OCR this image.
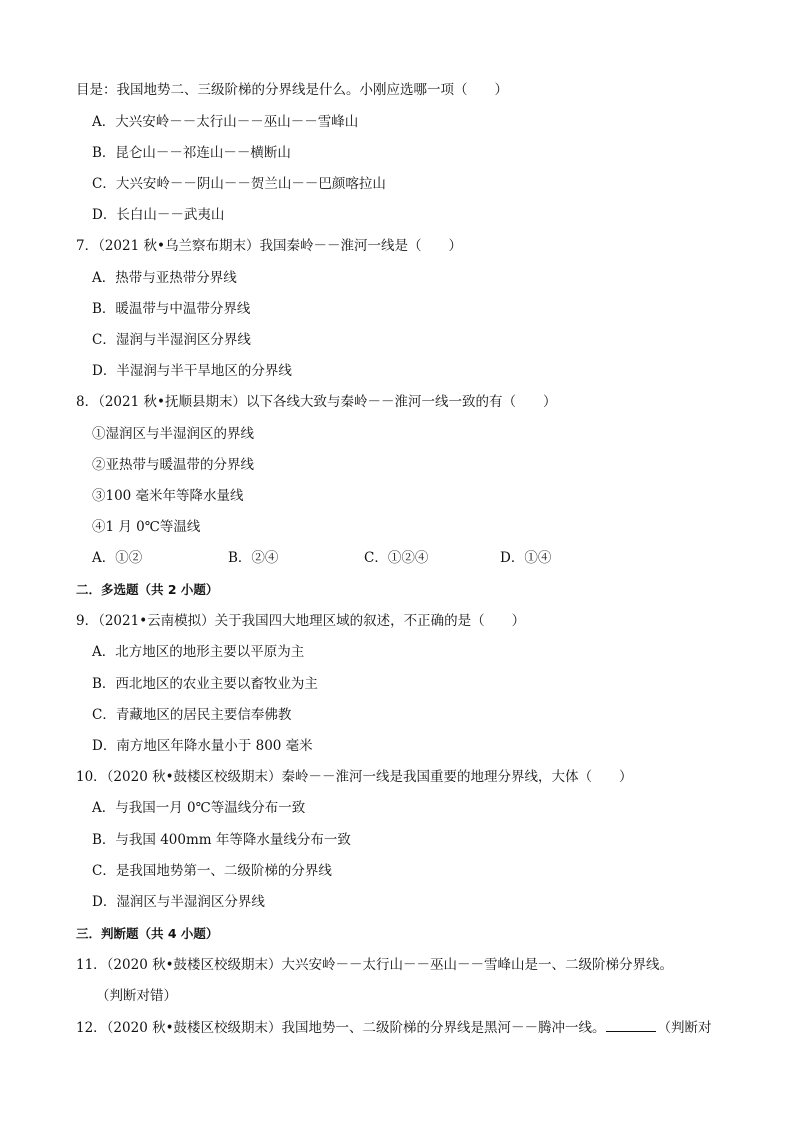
目是：我国地势二、三级阶梯的分界线是什么。小刚应选哪一项（　　）
A．大兴安岭－－太行山－－巫山－－雪峰山
B．昆仑山－－祁连山－－横断山
C．大兴安岭－－阴山－－贺兰山－－巴颜喀拉山
D．长白山－－武夷山
7．（2021 秋•乌兰察布期末）我国秦岭－－淮河一线是（　　）
A．热带与亚热带分界线
B．暖温带与中温带分界线
C．湿润与半湿润区分界线
D．半湿润与半干旱地区的分界线
8．（2021 秋•抚顺县期末）以下各线大致与秦岭－－淮河一线一致的有（　　）
①湿润区与半湿润区的界线
②亚热带与暖温带的分界线
③100 毫米年等降水量线
④1 月 0℃等温线
A．①②	B．②④	C．①②④	D．①④
二．多选题（共 2 小题）
9．（2021•云南模拟）关于我国四大地理区域的叙述，不正确的是（　　）
A．北方地区的地形主要以平原为主
B．西北地区的农业主要以畜牧业为主
C．青藏地区的居民主要信奉佛教
D．南方地区年降水量小于 800 毫米
10．（2020 秋•鼓楼区校级期末）秦岭－－淮河一线是我国重要的地理分界线，大体（　　）
A．与我国一月 0℃等温线分布一致
B．与我国 400mm 年等降水量线分布一致
C．是我国地势第一、二级阶梯的分界线
D．湿润区与半湿润区分界线
三．判断题（共 4 小题）
11．（2020 秋•鼓楼区校级期末）大兴安岭－－太行山－－巫山－－雪峰山是一、二级阶梯分界线。
（判断对错）
12．（2020 秋•鼓楼区校级期末）我国地势一、二级阶梯的分界线是黑河－－腾冲一线。	（判断对
